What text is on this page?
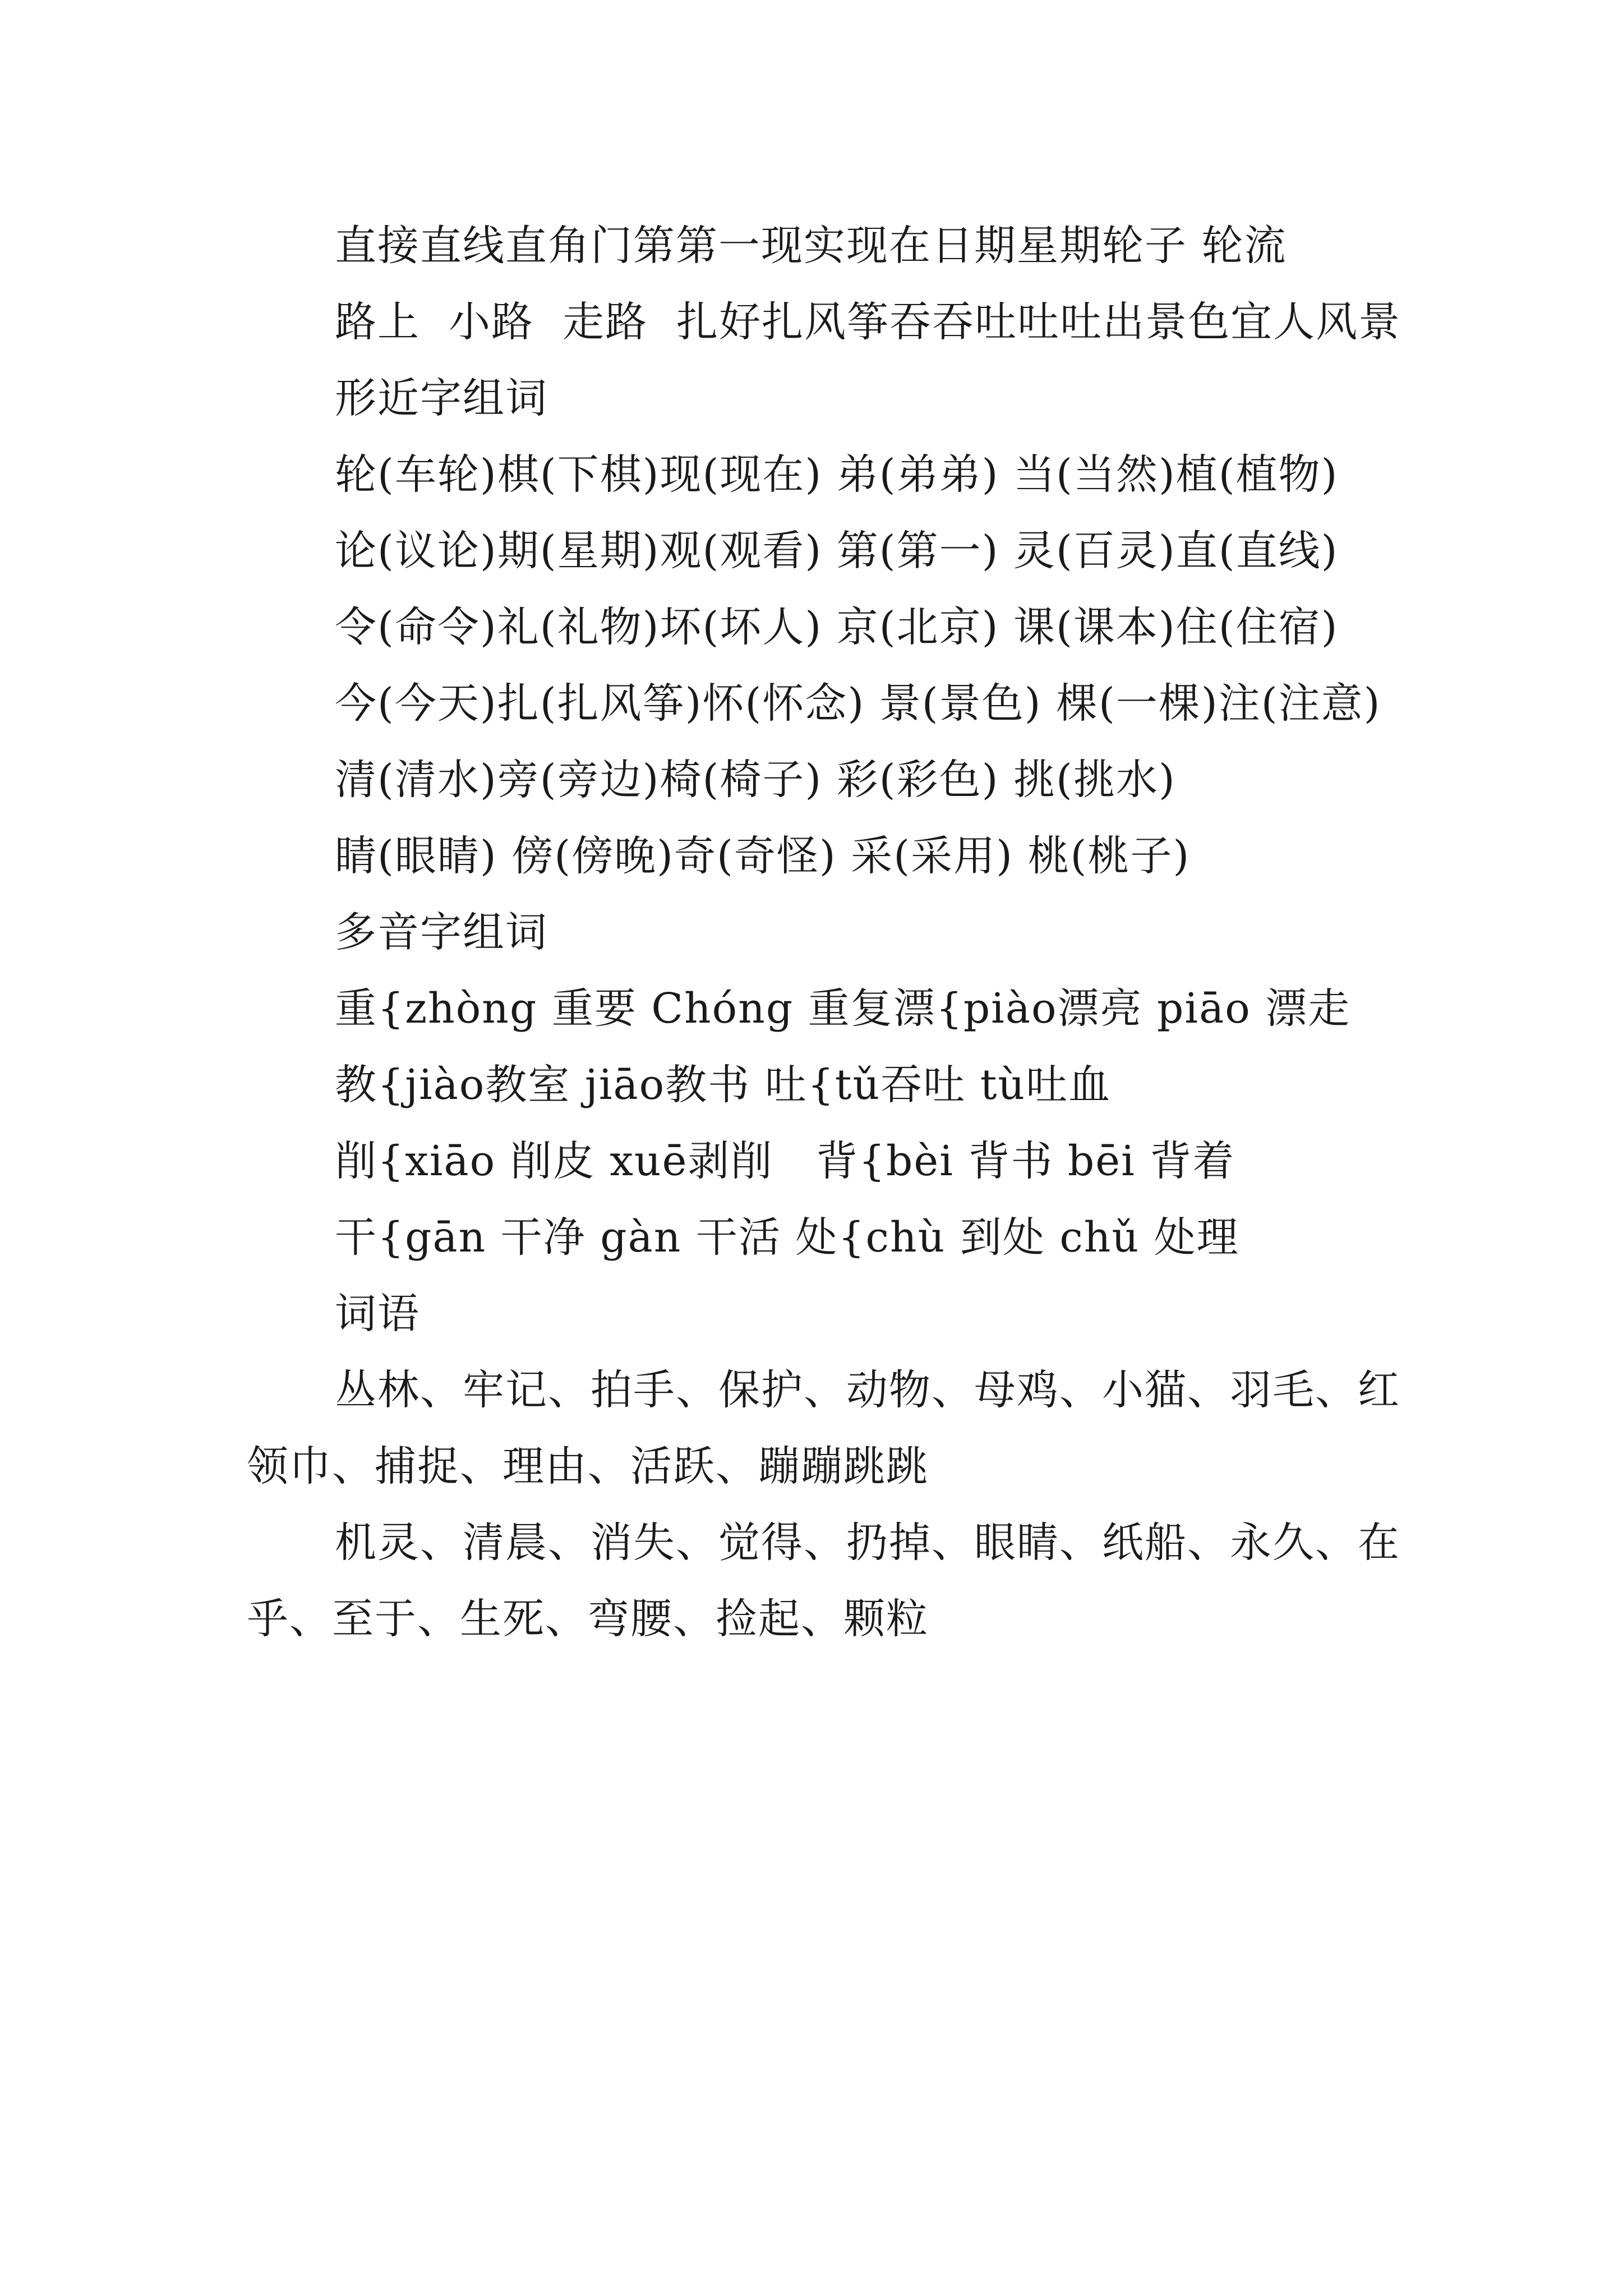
直接直线直角门第第一现实现在日期星期轮子 轮流

路上  小路  走路  扎好扎风筝吞吞吐吐吐出景色宜人风景

形近字组词

轮(车轮)棋(下棋)现(现在) 弟(弟弟) 当(当然)植(植物)

论(议论)期(星期)观(观看) 第(第一) 灵(百灵)直(直线)

令(命令)礼(礼物)坏(坏人) 京(北京) 课(课本)住(住宿)

今(今天)扎(扎风筝)怀(怀念) 景(景色) 棵(一棵)注(注意)

清(清水)旁(旁边)椅(椅子) 彩(彩色) 挑(挑水)

睛(眼睛) 傍(傍晚)奇(奇怪) 采(采用) 桃(桃子)

多音字组词

重{zhòng 重要 Chóng 重复漂{piào漂亮 piāo 漂走

教{jiào教室 jiāo教书 吐{tǔ吞吐 tù吐血

削{xiāo 削皮 xuē剥削   背{bèi 背书 bēi 背着

干{gān 干净 gàn 干活 处{chù 到处 chǔ 处理

词语

丛林、牢记、拍手、保护、动物、母鸡、小猫、羽毛、红领巾、捕捉、理由、活跃、蹦蹦跳跳

机灵、清晨、消失、觉得、扔掉、眼睛、纸船、永久、在乎、至于、生死、弯腰、捡起、颗粒
